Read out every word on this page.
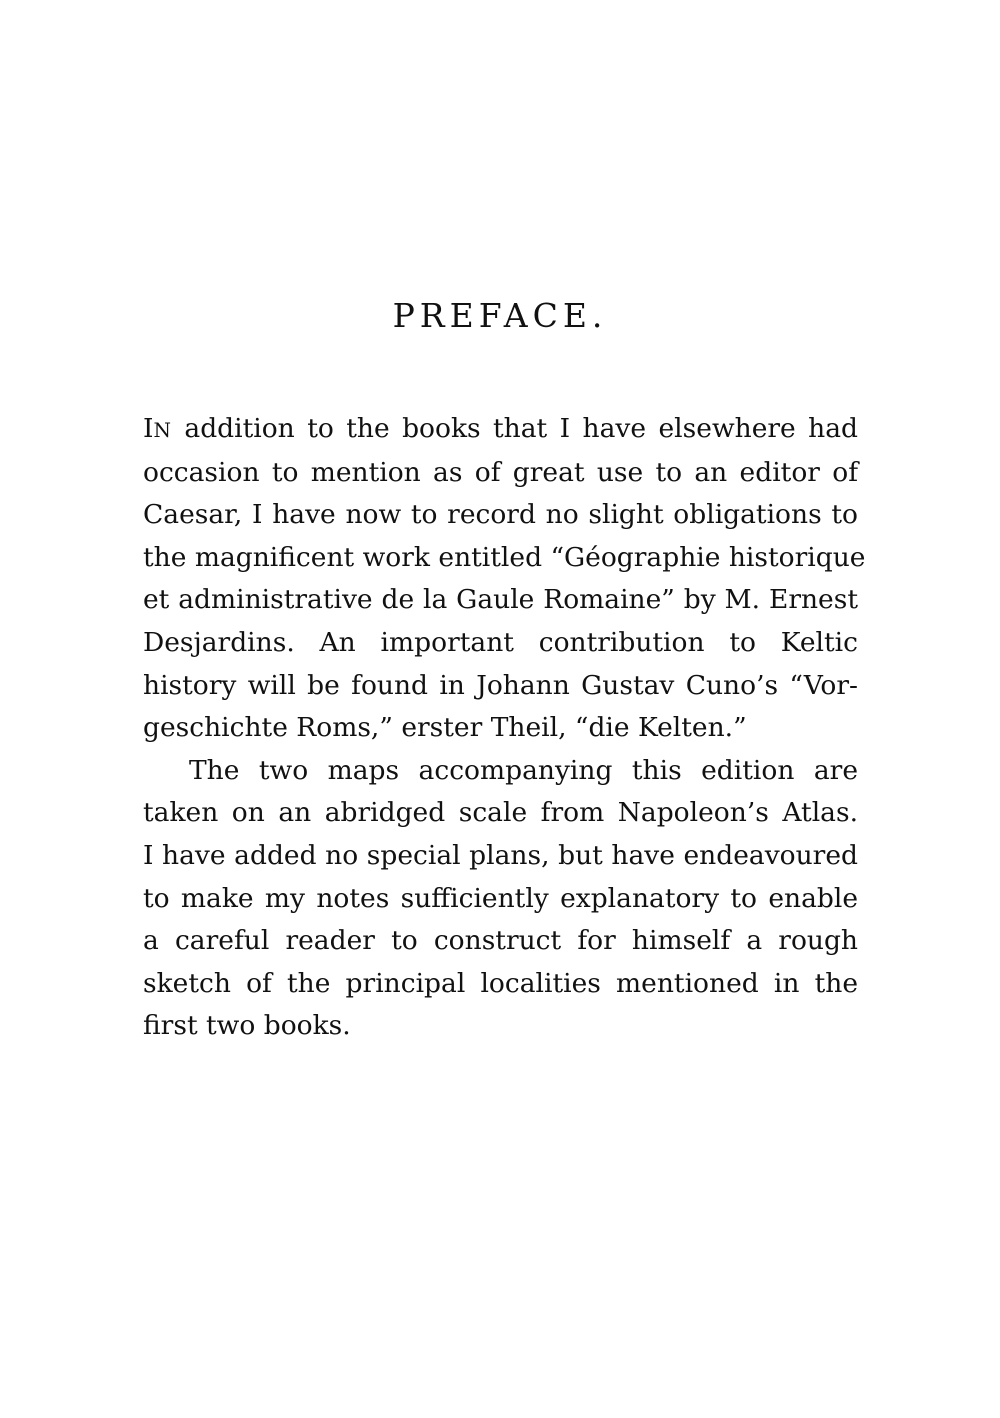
PREFACE.
IN addition to the books that I have elsewhere had
occasion to mention as of great use to an editor of
Caesar, I have now to record no slight obligations to
the magnificent work entitled “Géographie historique
et administrative de la Gaule Romaine” by M. Ernest
Desjardins. An important contribution to Keltic
history will be found in Johann Gustav Cuno’s “Vor-
geschichte Roms,” erster Theil, “die Kelten.”
The two maps accompanying this edition are
taken on an abridged scale from Napoleon’s Atlas.
I have added no special plans, but have endeavoured
to make my notes sufficiently explanatory to enable
a careful reader to construct for himself a rough
sketch of the principal localities mentioned in the
first two books.
